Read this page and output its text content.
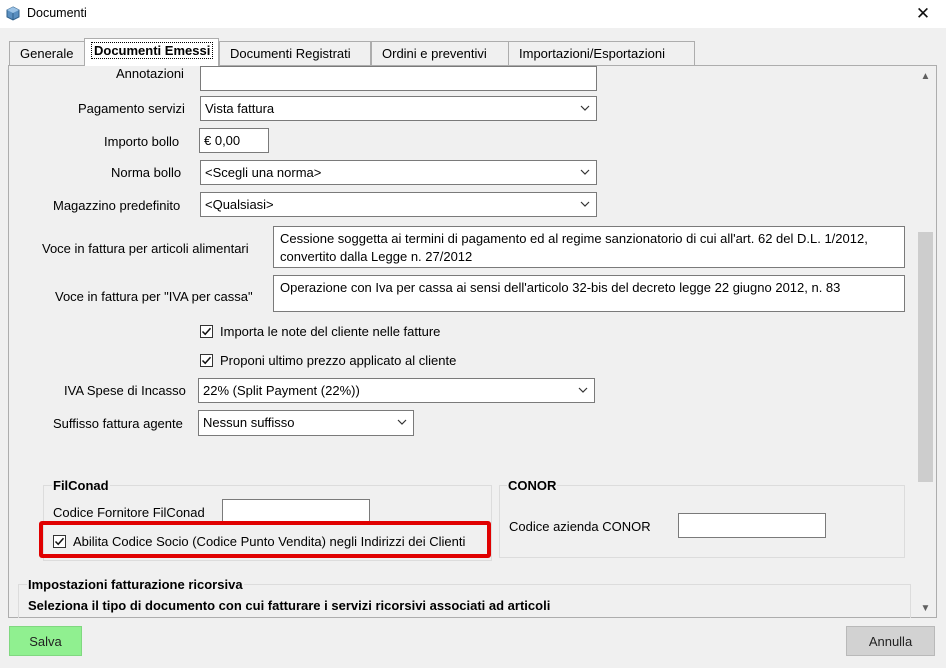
Documenti	✕
Generale	Documenti Emessi	Documenti Registrati	Ordini e preventivi	Importazioni/Esportazioni
▲
▼
Annotazioni
Pagamento servizi	Vista fattura
Importo bollo	€ 0,00
Norma bollo	<Scegli una norma>
Magazzino predefinito	<Qualsiasi>
Voce in fattura per articoli alimentari
Cessione soggetta ai termini di pagamento ed al regime sanzionatorio di cui all'art. 62 del D.L. 1/2012,
convertito dalla Legge n. 27/2012
Voce in fattura per "IVA per cassa"
Operazione con Iva per cassa ai sensi dell'articolo 32-bis del decreto legge 22 giugno 2012, n. 83
Importa le note del cliente nelle fatture
Proponi ultimo prezzo applicato al cliente
IVA Spese di Incasso	22% (Split Payment (22%))
Suffisso fattura agente	Nessun suffisso
FilConad
Codice Fornitore FilConad
Abilita Codice Socio (Codice Punto Vendita) negli Indirizzi dei Clienti
CONOR
Codice azienda CONOR
Impostazioni fatturazione ricorsiva
Seleziona il tipo di documento con cui fatturare i servizi ricorsivi associati ad articoli
Salva	Annulla
